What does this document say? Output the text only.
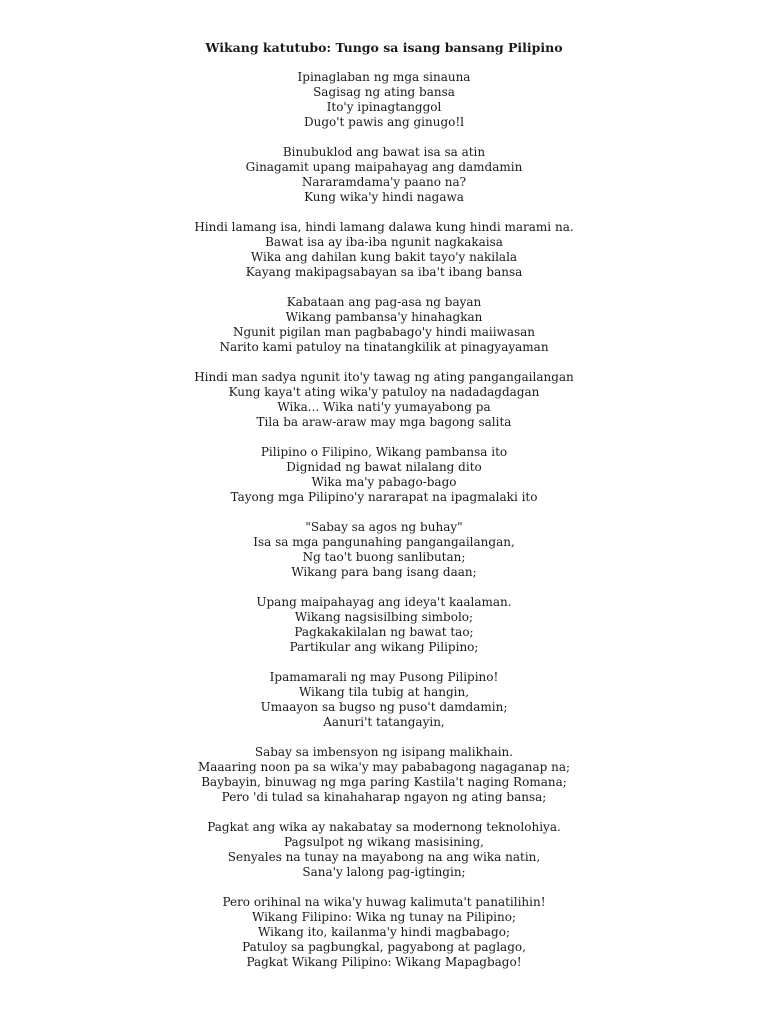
Wikang katutubo: Tungo sa isang bansang Pilipino
Ipinaglaban ng mga sinauna
Sagisag ng ating bansa
Ito'y ipinagtanggol
Dugo't pawis ang ginugo!l
Binubuklod ang bawat isa sa atin
Ginagamit upang maipahayag ang damdamin
Nararamdama'y paano na?
Kung wika'y hindi nagawa
Hindi lamang isa, hindi lamang dalawa kung hindi marami na.
Bawat isa ay iba-iba ngunit nagkakaisa
Wika ang dahilan kung bakit tayo'y nakilala
Kayang makipagsabayan sa iba't ibang bansa
Kabataan ang pag-asa ng bayan
Wikang pambansa'y hinahagkan
Ngunit pigilan man pagbabago'y hindi maiiwasan
Narito kami patuloy na tinatangkilik at pinagyayaman
Hindi man sadya ngunit ito'y tawag ng ating pangangailangan
Kung kaya't ating wika'y patuloy na nadadagdagan
Wika... Wika nati'y yumayabong pa
Tila ba araw-araw may mga bagong salita
Pilipino o Filipino, Wikang pambansa ito
Dignidad ng bawat nilalang dito
Wika ma'y pabago-bago
Tayong mga Pilipino'y nararapat na ipagmalaki ito
"Sabay sa agos ng buhay"
Isa sa mga pangunahing pangangailangan,
Ng tao't buong sanlibutan;
Wikang para bang isang daan;
Upang maipahayag ang ideya't kaalaman.
Wikang nagsisilbing simbolo;
Pagkakakilalan ng bawat tao;
Partikular ang wikang Pilipino;
Ipamamarali ng may Pusong Pilipino!
Wikang tila tubig at hangin,
Umaayon sa bugso ng puso't damdamin;
Aanuri't tatangayin,
Sabay sa imbensyon ng isipang malikhain.
Maaaring noon pa sa wika'y may pababagong nagaganap na;
Baybayin, binuwag ng mga paring Kastila't naging Romana;
Pero 'di tulad sa kinahaharap ngayon ng ating bansa;
Pagkat ang wika ay nakabatay sa modernong teknolohiya.
Pagsulpot ng wikang masisining,
Senyales na tunay na mayabong na ang wika natin,
Sana'y lalong pag-igtingin;
Pero orihinal na wika'y huwag kalimuta't panatilihin!
Wikang Filipino: Wika ng tunay na Pilipino;
Wikang ito, kailanma'y hindi magbabago;
Patuloy sa pagbungkal, pagyabong at paglago,
Pagkat Wikang Pilipino: Wikang Mapagbago!
